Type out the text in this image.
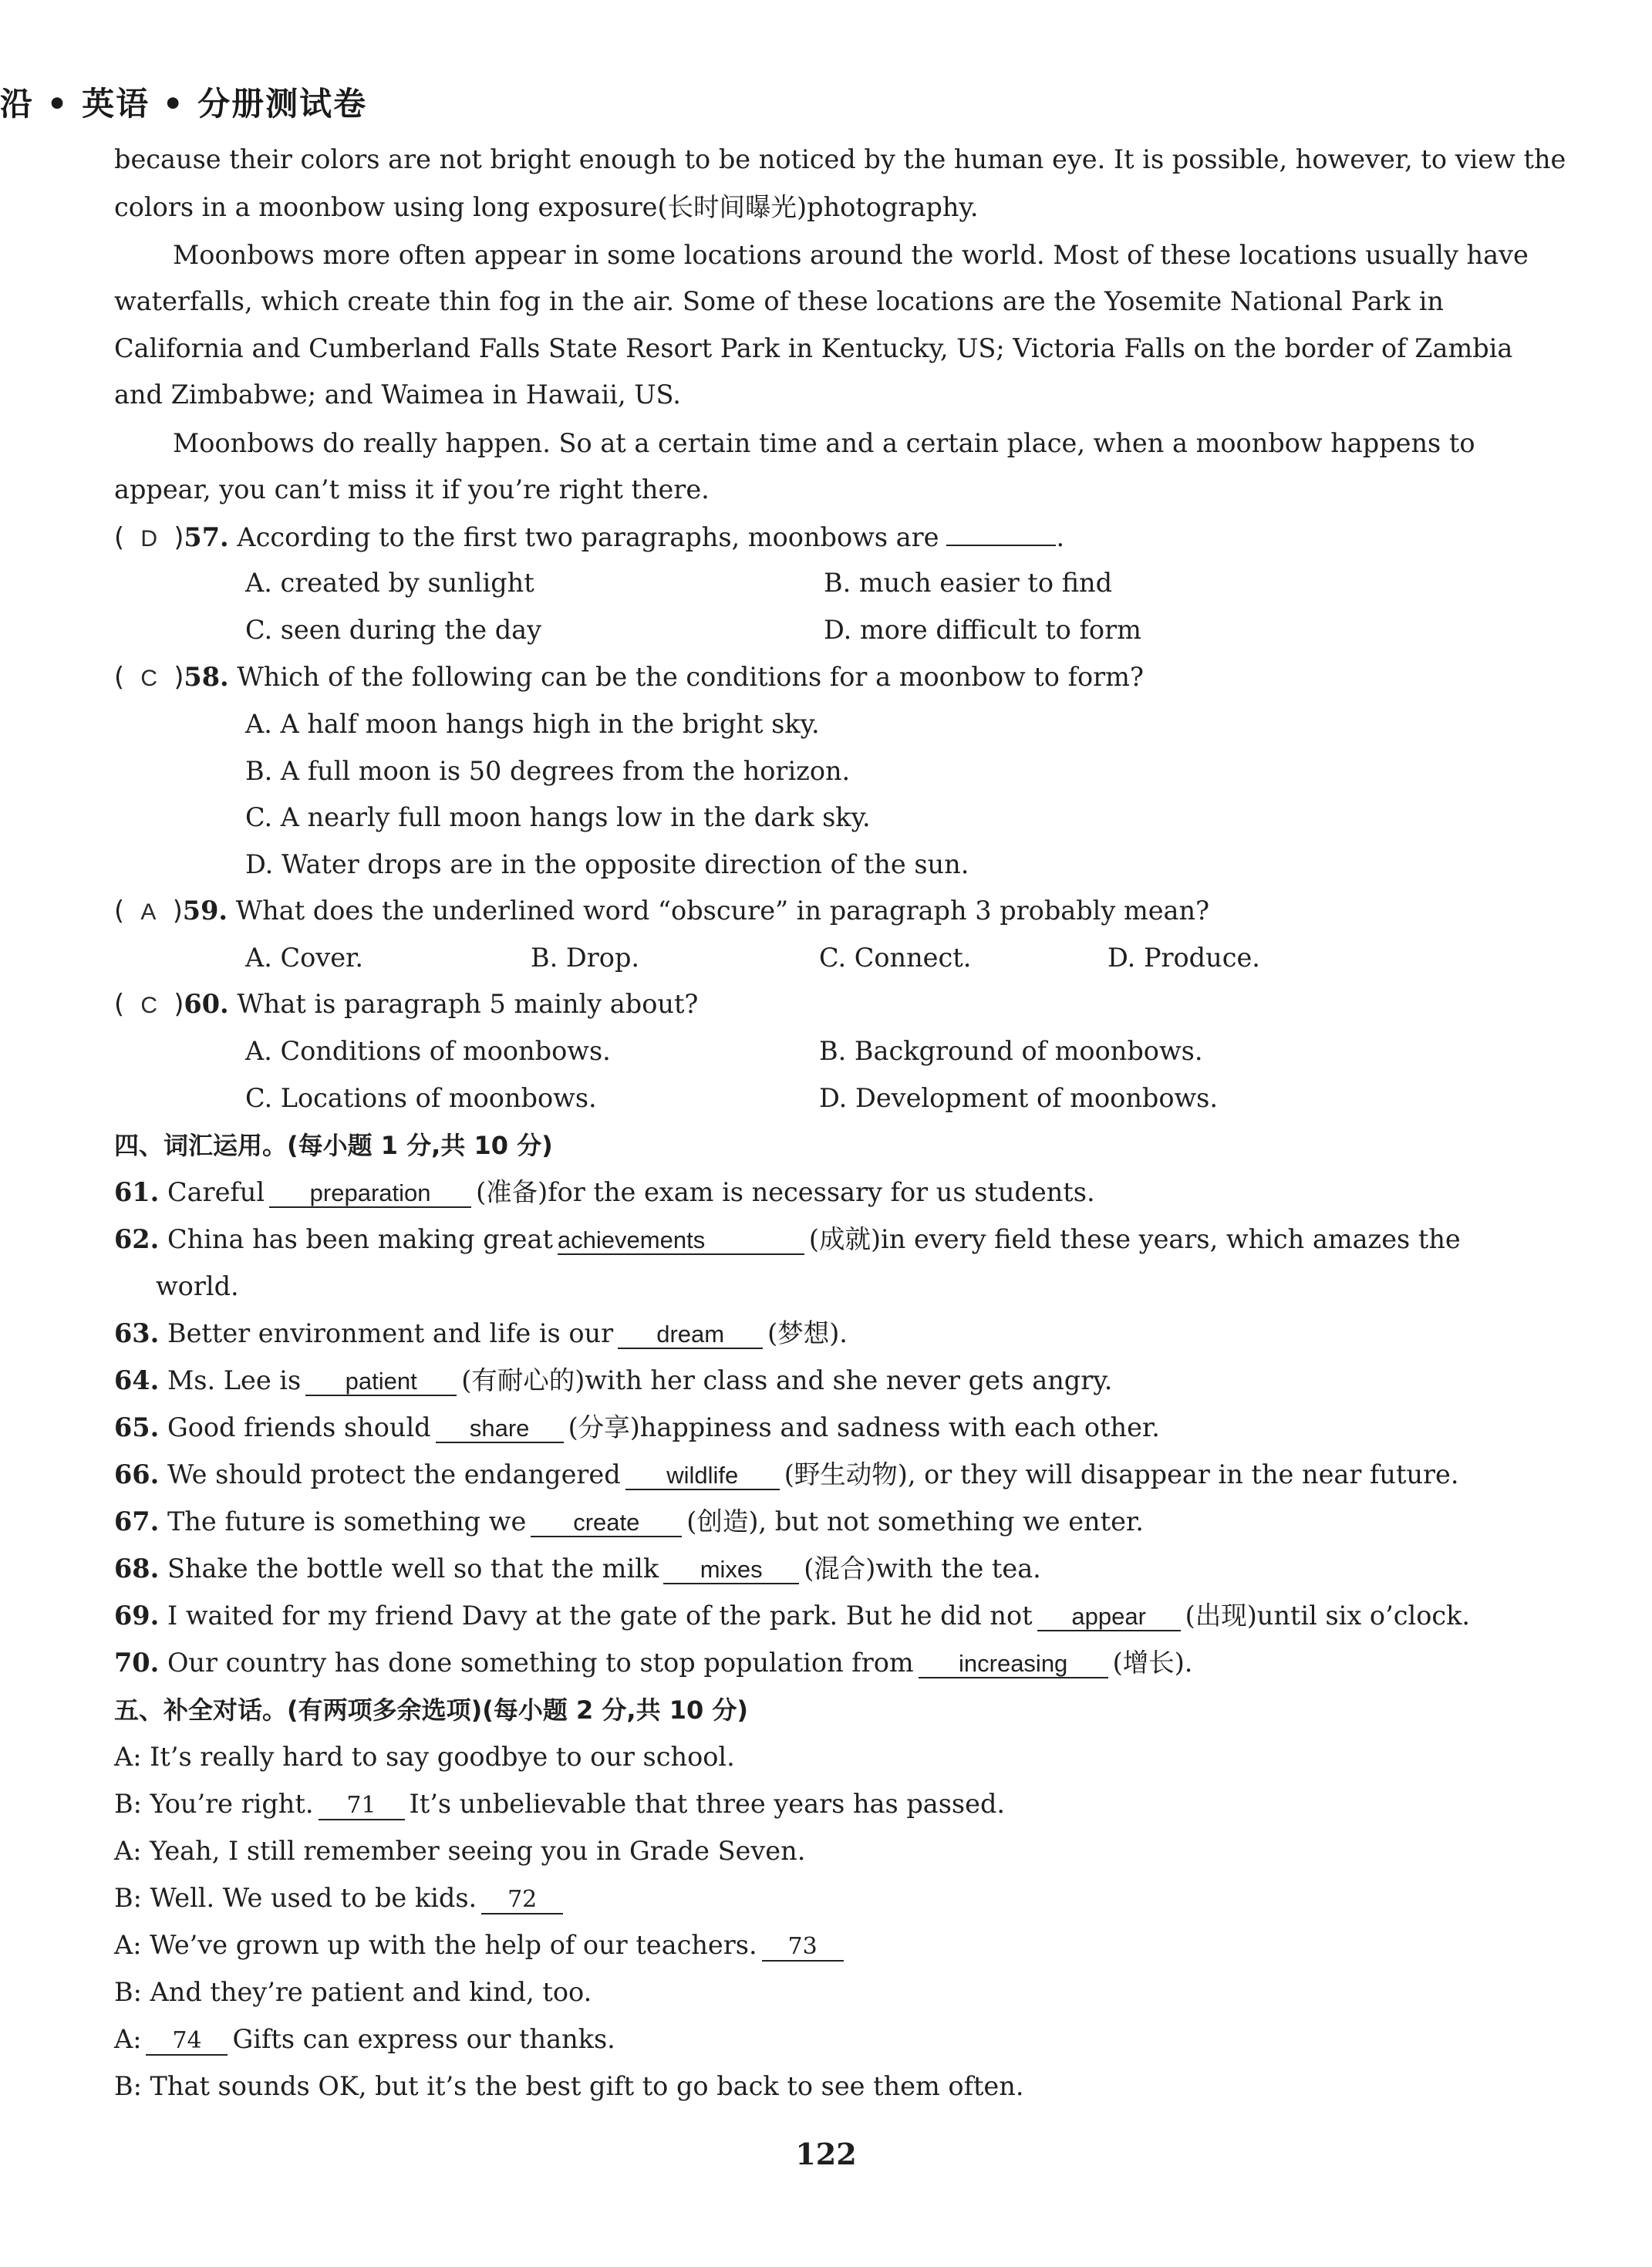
沿 • 英语 • 分册测试卷
because their colors are not bright enough to be noticed by the human eye. It is possible, however, to view the
colors in a moonbow using long exposure(长时间曝光)photography.
Moonbows more often appear in some locations around the world. Most of these locations usually have
waterfalls, which create thin fog in the air. Some of these locations are the Yosemite National Park in
California and Cumberland Falls State Resort Park in Kentucky, US; Victoria Falls on the border of Zambia
and Zimbabwe; and Waimea in Hawaii, US.
Moonbows do really happen. So at a certain time and a certain place, when a moonbow happens to
appear, you can’t miss it if you’re right there.
(  D  )57. According to the first two paragraphs, moonbows are	.
A. created by sunlight	B. much easier to find
C. seen during the day	D. more difficult to form
(  C  )58. Which of the following can be the conditions for a moonbow to form?
A. A half moon hangs high in the bright sky.
B. A full moon is 50 degrees from the horizon.
C. A nearly full moon hangs low in the dark sky.
D. Water drops are in the opposite direction of the sun.
(  A  )59. What does the underlined word “obscure” in paragraph 3 probably mean?
A. Cover.	B. Drop.	C. Connect.	D. Produce.
(  C  )60. What is paragraph 5 mainly about?
A. Conditions of moonbows.	B. Background of moonbows.
C. Locations of moonbows.	D. Development of moonbows.
四、词汇运用。(每小题 1 分,共 10 分)
61. Careful preparation (准备)for the exam is necessary for us students.
62. China has been making great achievements	(成就)in every field these years, which amazes the
world.
63. Better environment and life is our dream (梦想).
64. Ms. Lee is patient (有耐心的)with her class and she never gets angry.
65. Good friends should share (分享)happiness and sadness with each other.
66. We should protect the endangered wildlife (野生动物), or they will disappear in the near future.
67. The future is something we create (创造), but not something we enter.
68. Shake the bottle well so that the milk mixes (混合)with the tea.
69. I waited for my friend Davy at the gate of the park. But he did not appear (出现)until six o’clock.
70. Our country has done something to stop population from increasing (增长).
五、补全对话。(有两项多余选项)(每小题 2 分,共 10 分)
A: It’s really hard to say goodbye to our school.
B: You’re right. 71 It’s unbelievable that three years has passed.
A: Yeah, I still remember seeing you in Grade Seven.
B: Well. We used to be kids. 72
A: We’ve grown up with the help of our teachers. 73
B: And they’re patient and kind, too.
A: 74 Gifts can express our thanks.
B: That sounds OK, but it’s the best gift to go back to see them often.
122
